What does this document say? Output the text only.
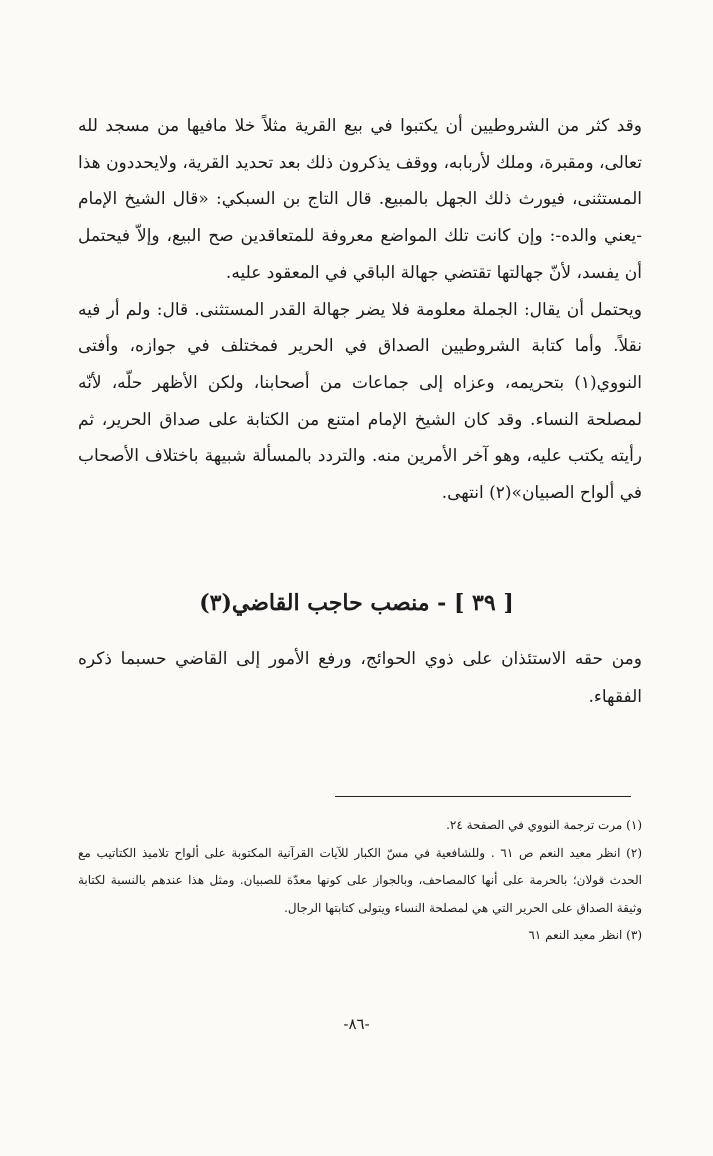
وقد كثر من الشروطيين أن يكتبوا في بيع القرية مثلاً خلا مافيها من مسجد لله تعالى، ومقبرة، وملك لأربابه، ووقف يذكرون ذلك بعد تحديد القرية، ولايحددون هذا المستثنى، فيورث ذلك الجهل بالمبيع. قال التاج بن السبكي: «قال الشيخ الإمام -يعني والده-: وإن كانت تلك المواضع معروفة للمتعاقدين صح البيع، وإلاّ فيحتمل أن يفسد، لأنّ جهالتها تقتضي جهالة الباقي في المعقود عليه.

ويحتمل أن يقال: الجملة معلومة فلا يضر جهالة القدر المستثنى. قال: ولم أر فيه نقلاً. وأما كتابة الشروطيين الصداق في الحرير فمختلف في جوازه، وأفتى النووي(١) بتحريمه، وعزاه إلى جماعات من أصحابنا، ولكن الأظهر حلّه، لأنّه لمصلحة النساء. وقد كان الشيخ الإمام امتنع من الكتابة على صداق الحرير، ثم رأيته يكتب عليه، وهو آخر الأمرين منه. والتردد بالمسألة شبيهة باختلاف الأصحاب في ألواح الصبيان»(٢) انتهى.

[ ٣٩ ] - منصب حاجب القاضي(٣)

ومن حقه الاستئذان على ذوي الحوائج، ورفع الأمور إلى القاضي حسبما ذكره الفقهاء.

(١) مرت ترجمة النووي في الصفحة ٢٤.

(٢) انظر معيد النعم ص ٦١ . وللشافعية في مسّ الكبار للآيات القرآنية المكتوبة على ألواح تلاميذ الكتاتيب مع الحدث قولان؛ بالحرمة على أنها كالمصاحف، وبالجواز على كونها معدّة للصبيان. ومثل هذا عندهم بالنسبة لكتابة وثيقة الصداق على الحرير التي هي لمصلحة النساء ويتولى كتابتها الرجال.

(٣) انظر معيد النعم ٦١

-٨٦-
